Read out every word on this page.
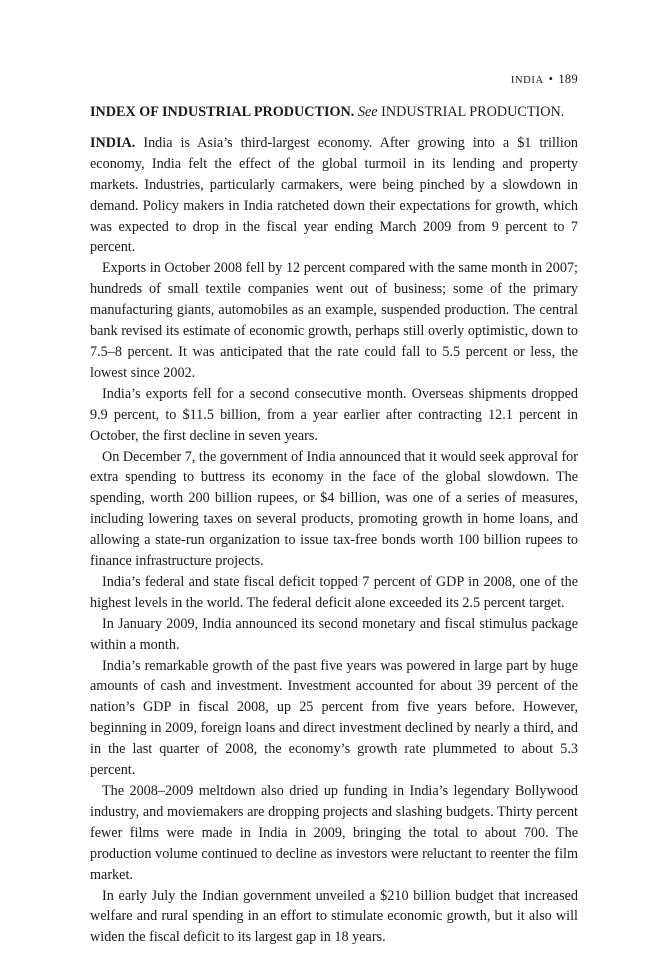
INDIA • 189

INDEX OF INDUSTRIAL PRODUCTION. See INDUSTRIAL PRODUCTION.

INDIA. India is Asia’s third-largest economy. After growing into a $1 trillion economy, India felt the effect of the global turmoil in its lending and property markets. Industries, particularly carmakers, were being pinched by a slowdown in demand. Policy makers in India ratcheted down their expectations for growth, which was expected to drop in the fiscal year ending March 2009 from 9 percent to 7 percent.

Exports in October 2008 fell by 12 percent compared with the same month in 2007; hundreds of small textile companies went out of business; some of the primary manufacturing giants, automobiles as an example, suspended production. The central bank revised its estimate of economic growth, perhaps still overly optimistic, down to 7.5–8 percent. It was anticipated that the rate could fall to 5.5 percent or less, the lowest since 2002.

India’s exports fell for a second consecutive month. Overseas shipments dropped 9.9 percent, to $11.5 billion, from a year earlier after contracting 12.1 percent in October, the first decline in seven years.

On December 7, the government of India announced that it would seek approval for extra spending to buttress its economy in the face of the global slowdown. The spending, worth 200 billion rupees, or $4 billion, was one of a series of measures, including lowering taxes on several products, promoting growth in home loans, and allowing a state-run organization to issue tax-free bonds worth 100 billion rupees to finance infrastructure projects.

India’s federal and state fiscal deficit topped 7 percent of GDP in 2008, one of the highest levels in the world. The federal deficit alone exceeded its 2.5 percent target.

In January 2009, India announced its second monetary and fiscal stimulus package within a month.

India’s remarkable growth of the past five years was powered in large part by huge amounts of cash and investment. Investment accounted for about 39 percent of the nation’s GDP in fiscal 2008, up 25 percent from five years before. However, beginning in 2009, foreign loans and direct investment declined by nearly a third, and in the last quarter of 2008, the economy’s growth rate plummeted to about 5.3 percent.

The 2008–2009 meltdown also dried up funding in India’s legendary Bollywood industry, and moviemakers are dropping projects and slashing budgets. Thirty percent fewer films were made in India in 2009, bringing the total to about 700. The production volume continued to decline as investors were reluctant to reenter the film market.

In early July the Indian government unveiled a $210 billion budget that increased welfare and rural spending in an effort to stimulate economic growth, but it also will widen the fiscal deficit to its largest gap in 18 years.
